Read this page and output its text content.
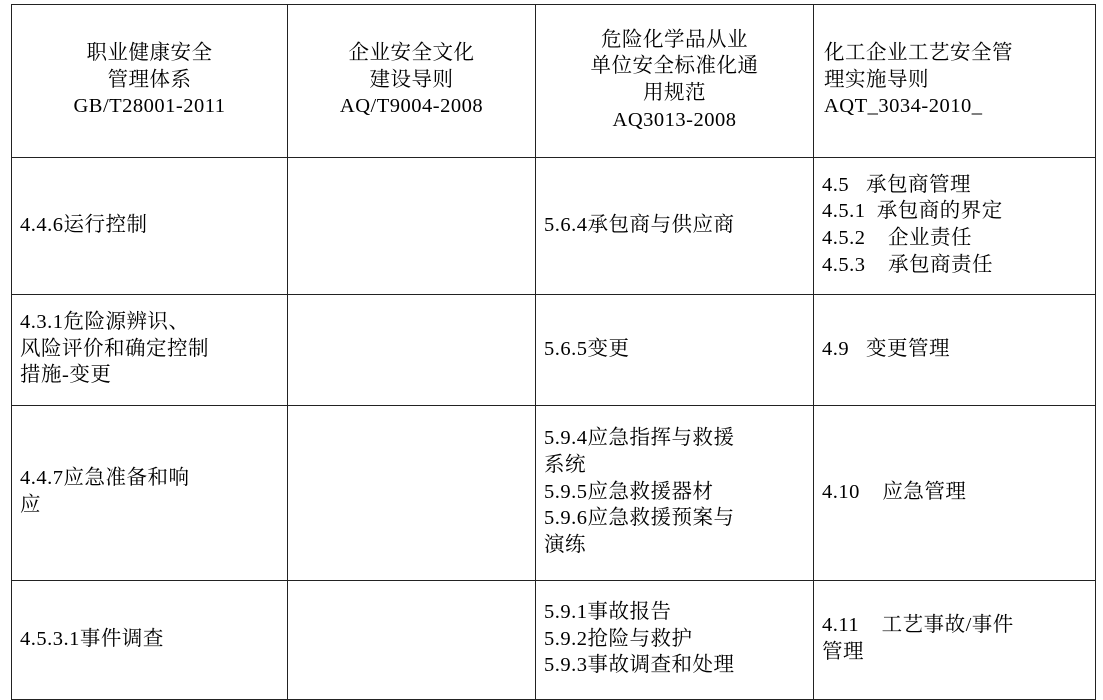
职业健康安全
管理体系
GB/T28001-2011	企业安全文化
建设导则
AQ/T9004-2008	危险化学品从业
单位安全标准化通
用规范
AQ3013-2008	化工企业工艺安全管
理实施导则
AQT_3034-2010_

4.4.6运行控制		5.6.4承包商与供应商	4.5   承包商管理
4.5.1  承包商的界定
4.5.2    企业责任
4.5.3    承包商责任

4.3.1危险源辨识、
风险评价和确定控制
措施-变更		5.6.5变更	4.9   变更管理

4.4.7应急准备和响
应		5.9.4应急指挥与救援
系统
5.9.5应急救援器材
5.9.6应急救援预案与
演练	4.10    应急管理

4.5.3.1事件调查		5.9.1事故报告
5.9.2抢险与救护
5.9.3事故调查和处理	4.11    工艺事故/事件
管理
